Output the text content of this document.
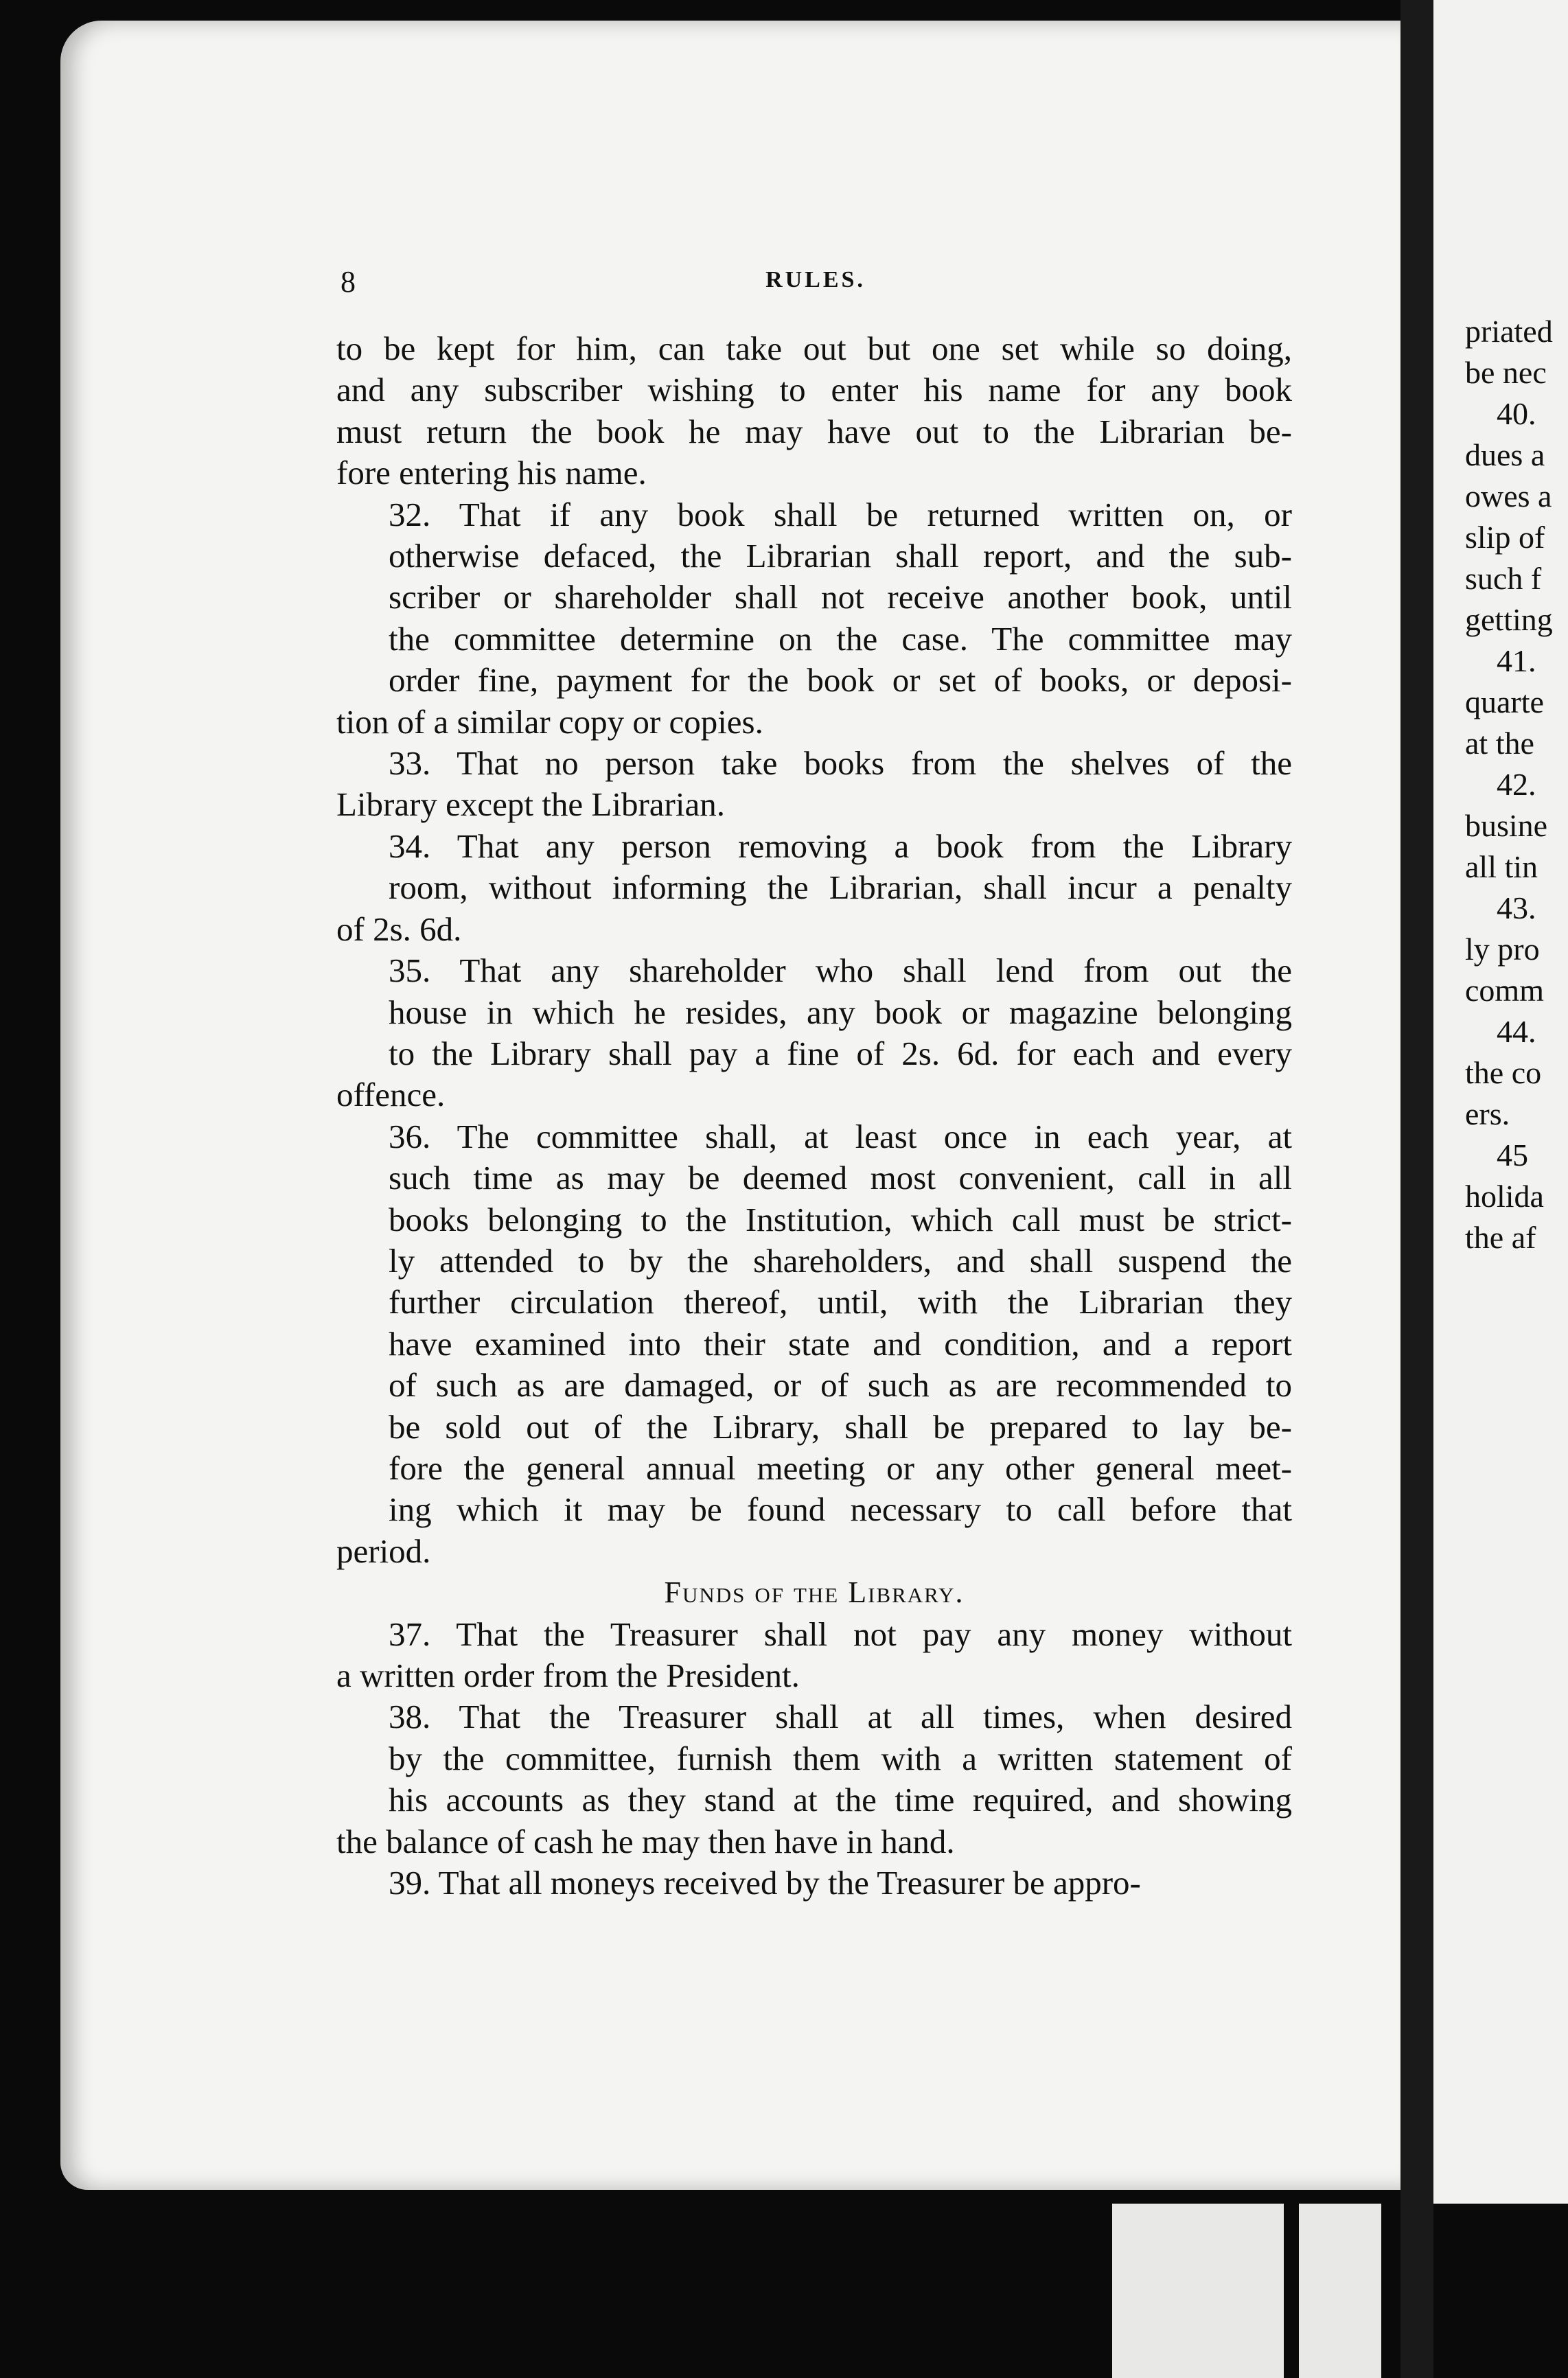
8	RULES.

to be kept for him, can take out but one set while so doing,
and any subscriber wishing to enter his name for any book
must return the book he may have out to the Librarian be-

fore entering his name.

32. That if any book shall be returned written on, or
otherwise defaced, the Librarian shall report, and the sub-
scriber or shareholder shall not receive another book, until
the committee determine on the case. The committee may
order fine, payment for the book or set of books, or deposi-

tion of a similar copy or copies.

33. That no person take books from the shelves of the

Library except the Librarian.

34. That any person removing a book from the Library
room, without informing the Librarian, shall incur a penalty

of 2s. 6d.

35. That any shareholder who shall lend from out the
house in which he resides, any book or magazine belonging
to the Library shall pay a fine of 2s. 6d. for each and every

offence.

36. The committee shall, at least once in each year, at
such time as may be deemed most convenient, call in all
books belonging to the Institution, which call must be strict-
ly attended to by the shareholders, and shall suspend the
further circulation thereof, until, with the Librarian they
have examined into their state and condition, and a report
of such as are damaged, or of such as are recommended to
be sold out of the Library, shall be prepared to lay be-
fore the general annual meeting or any other general meet-
ing which it may be found necessary to call before that

period.

Funds of the Library.

37. That the Treasurer shall not pay any money without

a written order from the President.

38. That the Treasurer shall at all times, when desired
by the committee, furnish them with a written statement of
his accounts as they stand at the time required, and showing

the balance of cash he may then have in hand.

39. That all moneys received by the Treasurer be appro-

priated
be nec
40.
dues a
owes a
slip of
such f
getting
41.
quarte
at the
42.
busine
all tin
43.
ly pro
comm
44.
the co
ers.
45
holida
the af
